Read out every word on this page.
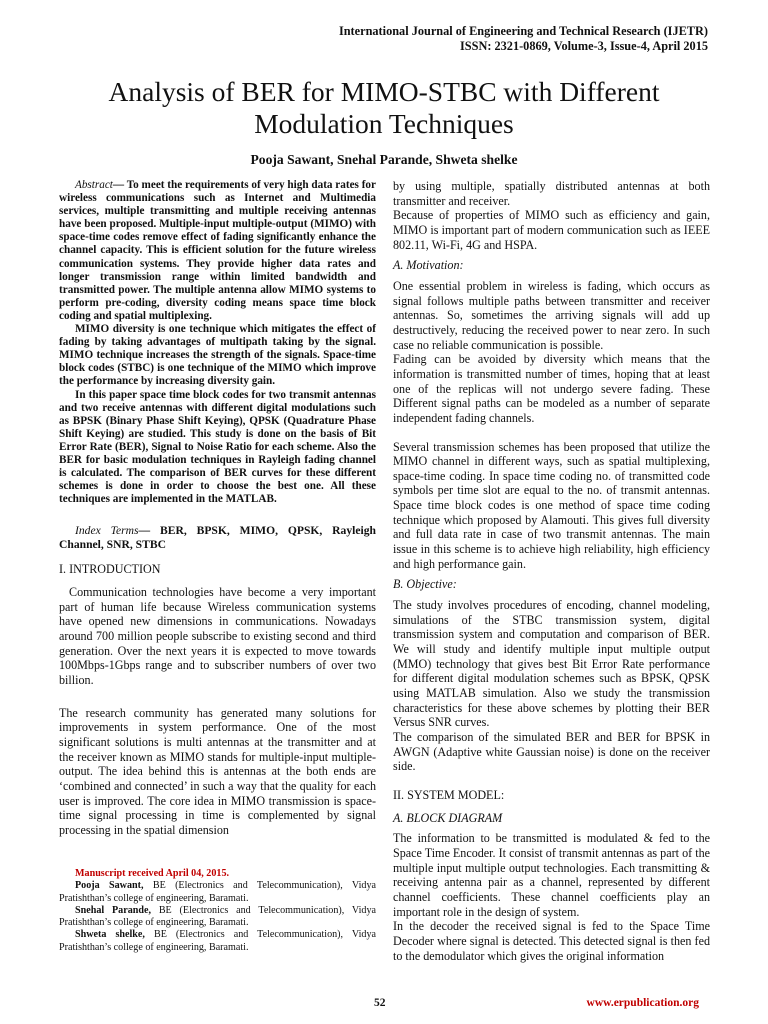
International Journal of Engineering and Technical Research (IJETR)
ISSN: 2321-0869, Volume-3, Issue-4, April 2015
Analysis of BER for MIMO-STBC with Different
Modulation Techniques
Pooja Sawant, Snehal Parande, Shweta shelke

Abstract— To meet the requirements of very high data rates for wireless communications such as Internet and Multimedia services, multiple transmitting and multiple receiving antennas have been proposed. Multiple-input multiple-output (MIMO) with space-time codes remove effect of fading significantly enhance the channel capacity. This is efficient solution for the future wireless communication systems. They provide higher data rates and longer transmission range within limited bandwidth and transmitted power. The multiple antenna allow MIMO systems to perform pre-coding, diversity coding means space time block coding and spatial multiplexing.

MIMO diversity is one technique which mitigates the effect of fading by taking advantages of multipath taking by the signal. MIMO technique increases the strength of the signals. Space-time block codes (STBC) is one technique of the MIMO which improve the performance by increasing diversity gain.

In this paper space time block codes for two transmit antennas and two receive antennas with different digital modulations such as BPSK (Binary Phase Shift Keying), QPSK (Quadrature Phase Shift Keying) are studied. This study is done on the basis of Bit Error Rate (BER), Signal to Noise Ratio for each scheme. Also the BER for basic modulation techniques in Rayleigh fading channel is calculated. The comparison of BER curves for these different schemes is done in order to choose the best one. All these techniques are implemented in the MATLAB.

Index Terms— BER, BPSK, MIMO, QPSK, Rayleigh Channel, SNR, STBC

I. INTRODUCTION

Communication technologies have become a very important part of human life because Wireless communication systems have opened new dimensions in communications. Nowadays around 700 million people subscribe to existing second and third generation. Over the next years it is expected to move towards 100Mbps-1Gbps range and to subscriber numbers of over two billion.

The research community has generated many solutions for improvements in system performance. One of the most significant solutions is multi antennas at the transmitter and at the receiver known as MIMO stands for multiple-input multiple-output. The idea behind this is antennas at the both ends are ‘combined and connected’ in such a way that the quality for each user is improved. The core idea in MIMO transmission is space-time signal processing in time is complemented by signal processing in the spatial dimension

Manuscript received April 04, 2015.

Pooja Sawant, BE (Electronics and Telecommunication), Vidya Pratishthan’s college of engineering, Baramati.

Snehal Parande, BE (Electronics and Telecommunication), Vidya Pratishthan’s college of engineering, Baramati.

Shweta shelke, BE (Electronics and Telecommunication), Vidya Pratishthan’s college of engineering, Baramati.

by using multiple, spatially distributed antennas at both transmitter and receiver.

Because of properties of MIMO such as efficiency and gain, MIMO is important part of modern communication such as IEEE 802.11, Wi-Fi, 4G and HSPA.

A. Motivation:

One essential problem in wireless is fading, which occurs as signal follows multiple paths between transmitter and receiver antennas. So, sometimes the arriving signals will add up destructively, reducing the received power to near zero. In such case no reliable communication is possible.

Fading can be avoided by diversity which means that the information is transmitted number of times, hoping that at least one of the replicas will not undergo severe fading. These Different signal paths can be modeled as a number of separate independent fading channels.

Several transmission schemes has been proposed that utilize the MIMO channel in different ways, such as spatial multiplexing, space-time coding. In space time coding no. of transmitted code symbols per time slot are equal to the no. of transmit antennas. Space time block codes is one method of space time coding technique which proposed by Alamouti. This gives full diversity and full data rate in case of two transmit antennas. The main issue in this scheme is to achieve high reliability, high efficiency and high performance gain.

B. Objective:

The study involves procedures of encoding, channel modeling, simulations of the STBC transmission system, digital transmission system and computation and comparison of BER. We will study and identify multiple input multiple output (MMO) technology that gives best Bit Error Rate performance for different digital modulation schemes such as BPSK, QPSK using MATLAB simulation. Also we study the transmission characteristics for these above schemes by plotting their BER Versus SNR curves.

The comparison of the simulated BER and BER for BPSK in AWGN (Adaptive white Gaussian noise) is done on the receiver side.

II. SYSTEM MODEL:

A. BLOCK DIAGRAM

The information to be transmitted is modulated & fed to the Space Time Encoder. It consist of transmit antennas as part of the multiple input multiple output technologies. Each transmitting & receiving antenna pair as a channel, represented by different channel coefficients. These channel coefficients play an important role in the design of system.

In the decoder the received signal is fed to the Space Time Decoder where signal is detected. This detected signal is then fed to the demodulator which gives the original information

52	www.erpublication.org
